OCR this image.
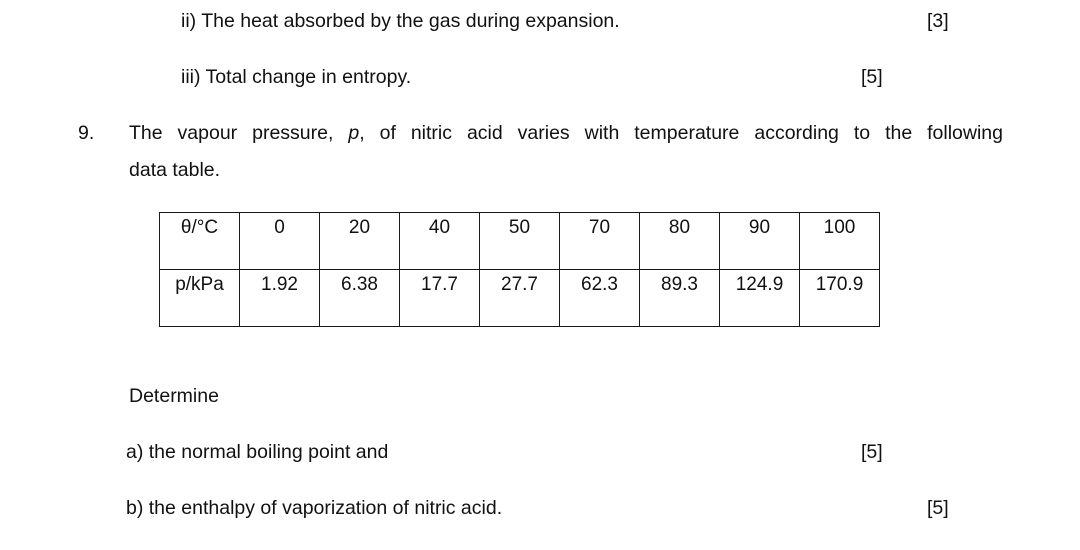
ii) The heat absorbed by the gas during expansion.	[3]
iii) Total change in entropy.	[5]
9. The vapour pressure, p, of nitric acid varies with temperature according to the following
data table.
θ/°C	0	20	40	50	70	80	90	100
p/kPa	1.92	6.38	17.7	27.7	62.3	89.3	124.9	170.9
Determine
a) the normal boiling point and	[5]
b) the enthalpy of vaporization of nitric acid.	[5]
